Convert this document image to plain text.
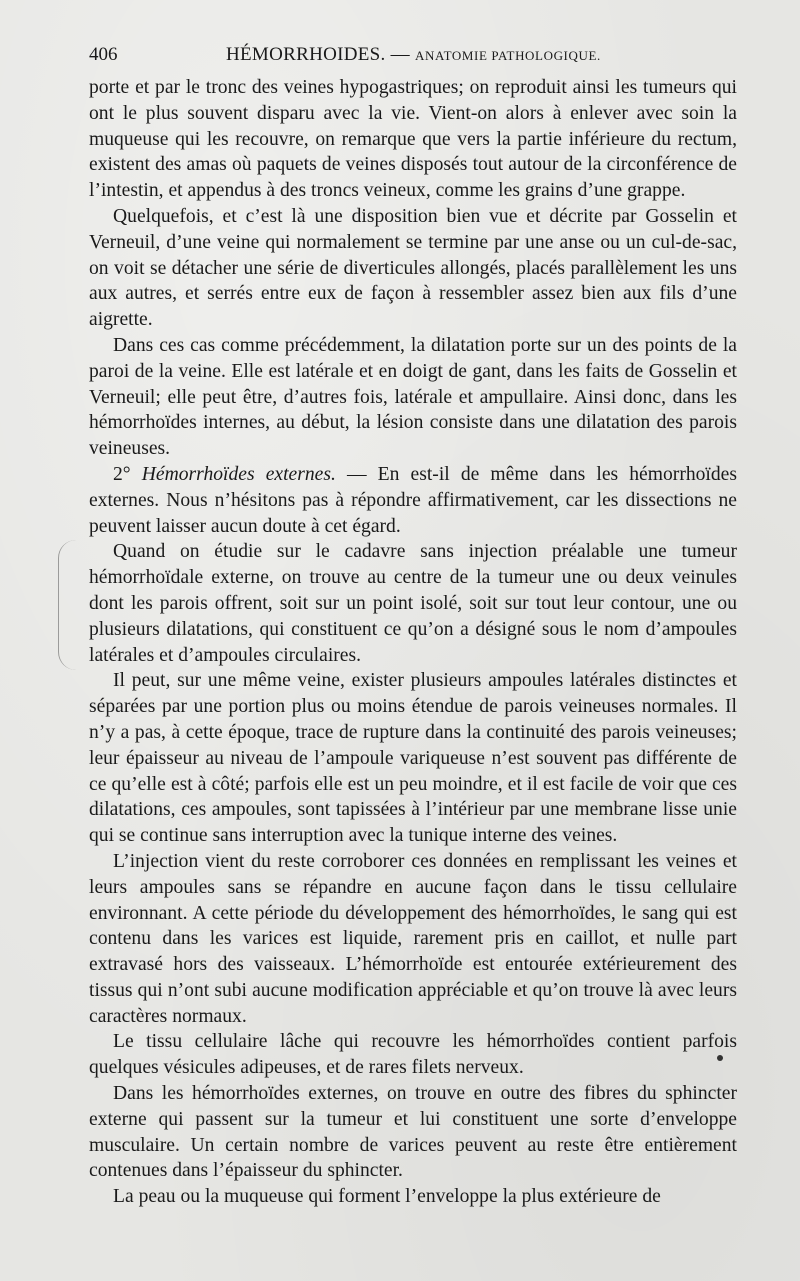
406	HÉMORRHOIDES. — ANATOMIE PATHOLOGIQUE.

porte et par le tronc des veines hypogastriques; on reproduit ainsi les tumeurs qui ont le plus souvent disparu avec la vie. Vient-on alors à enlever avec soin la muqueuse qui les recouvre, on remarque que vers la partie inférieure du rectum, existent des amas où paquets de veines disposés tout autour de la circonférence de l’intestin, et appendus à des troncs veineux, comme les grains d’une grappe.

Quelquefois, et c’est là une disposition bien vue et décrite par Gosselin et Verneuil, d’une veine qui normalement se termine par une anse ou un cul-de-sac, on voit se détacher une série de diverticules allongés, placés parallèlement les uns aux autres, et serrés entre eux de façon à ressembler assez bien aux fils d’une aigrette.

Dans ces cas comme précédemment, la dilatation porte sur un des points de la paroi de la veine. Elle est latérale et en doigt de gant, dans les faits de Gosselin et Verneuil; elle peut être, d’autres fois, latérale et ampullaire. Ainsi donc, dans les hémorrhoïdes internes, au début, la lésion consiste dans une dilatation des parois veineuses.

2° Hémorrhoïdes externes. — En est-il de même dans les hémorrhoïdes externes. Nous n’hésitons pas à répondre affirmativement, car les dissections ne peuvent laisser aucun doute à cet égard.

Quand on étudie sur le cadavre sans injection préalable une tumeur hémorrhoïdale externe, on trouve au centre de la tumeur une ou deux veinules dont les parois offrent, soit sur un point isolé, soit sur tout leur contour, une ou plusieurs dilatations, qui constituent ce qu’on a désigné sous le nom d’ampoules latérales et d’ampoules circulaires.

Il peut, sur une même veine, exister plusieurs ampoules latérales distinctes et séparées par une portion plus ou moins étendue de parois veineuses normales. Il n’y a pas, à cette époque, trace de rupture dans la continuité des parois veineuses; leur épaisseur au niveau de l’ampoule variqueuse n’est souvent pas différente de ce qu’elle est à côté; parfois elle est un peu moindre, et il est facile de voir que ces dilatations, ces ampoules, sont tapissées à l’intérieur par une membrane lisse unie qui se continue sans interruption avec la tunique interne des veines.

L’injection vient du reste corroborer ces données en remplissant les veines et leurs ampoules sans se répandre en aucune façon dans le tissu cellulaire environnant. A cette période du développement des hémorrhoïdes, le sang qui est contenu dans les varices est liquide, rarement pris en caillot, et nulle part extravasé hors des vaisseaux. L’hémorrhoïde est entourée extérieurement des tissus qui n’ont subi aucune modification appréciable et qu’on trouve là avec leurs caractères normaux.

Le tissu cellulaire lâche qui recouvre les hémorrhoïdes contient parfois quelques vésicules adipeuses, et de rares filets nerveux.

Dans les hémorrhoïdes externes, on trouve en outre des fibres du sphincter externe qui passent sur la tumeur et lui constituent une sorte d’enveloppe musculaire. Un certain nombre de varices peuvent au reste être entièrement contenues dans l’épaisseur du sphincter.

La peau ou la muqueuse qui forment l’enveloppe la plus extérieure de
